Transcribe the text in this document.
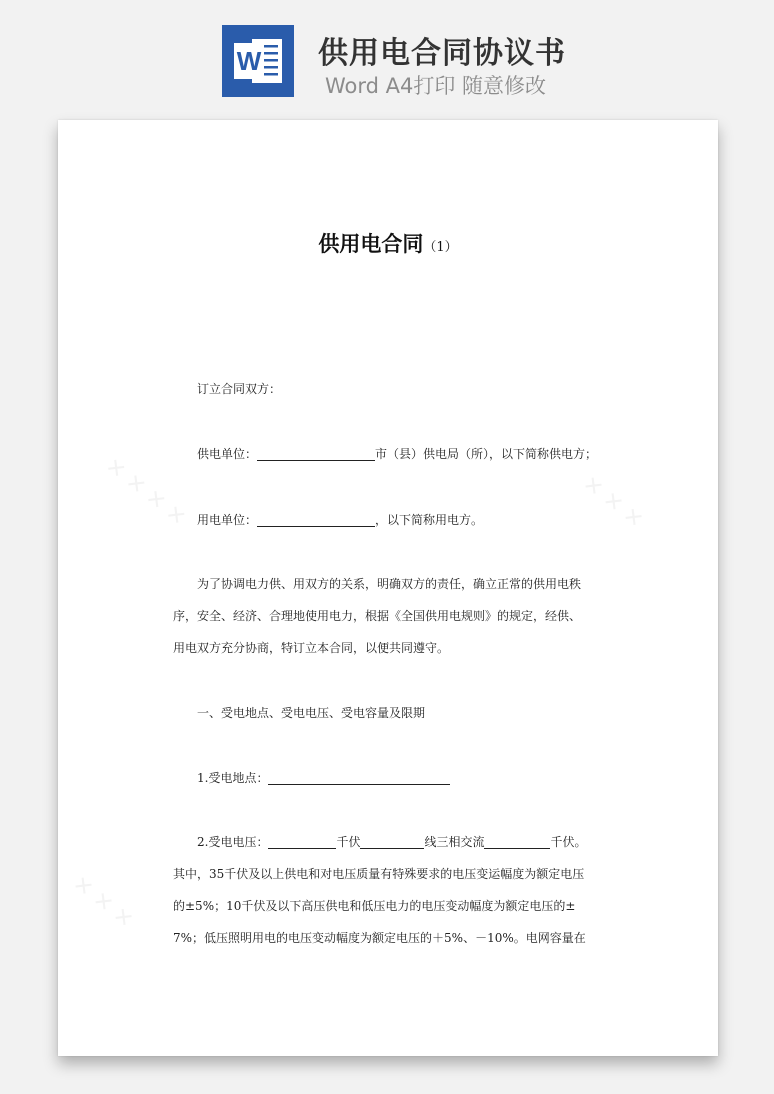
W 供用电合同协议书
Word A4打印 随意修改
供用电合同（1）
订立合同双方：
供电单位：	市（县）供电局（所），以下简称供电方；
用电单位：	，以下简称用电方。
为了协调电力供、用双方的关系，明确双方的责任，确立正常的供用电秩
序，安全、经济、合理地使用电力，根据《全国供用电规则》的规定，经供、
用电双方充分协商，特订立本合同，以便共同遵守。
一、受电地点、受电电压、受电容量及限期
1.受电地点：
2.受电电压：	千伏	线三相交流	千伏。
其中，35千伏及以上供电和对电压质量有特殊要求的电压变运幅度为额定电压
的±5%；10千伏及以下高压供电和低压电力的电压变动幅度为额定电压的±
7%；低压照明用电的电压变动幅度为额定电压的＋5%、－10%。电网容量在
